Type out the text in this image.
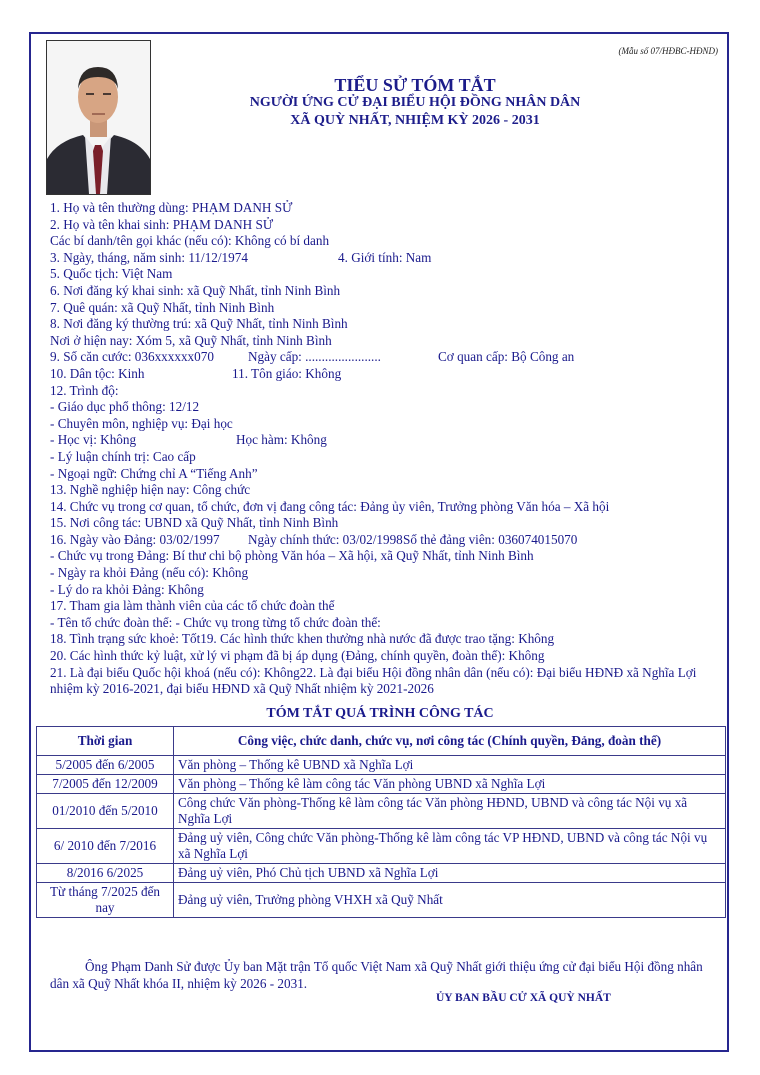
(Mẫu số 07/HĐBC-HĐND)
TIỂU SỬ TÓM TẮT
NGƯỜI ỨNG CỬ ĐẠI BIỂU HỘI ĐỒNG NHÂN DÂN
XÃ QUỲ NHẤT, NHIỆM KỲ 2026 - 2031
1. Họ và tên thường dùng: PHẠM DANH SỬ
2. Họ và tên khai sinh: PHẠM DANH SỬ
Các bí danh/tên gọi khác (nếu có): Không có bí danh
3. Ngày, tháng, năm sinh: 11/12/1974	4. Giới tính: Nam
5. Quốc tịch: Việt Nam
6. Nơi đăng ký khai sinh: xã Quỹ Nhất, tỉnh Ninh Bình
7. Quê quán: xã Quỹ Nhất, tỉnh Ninh Bình
8. Nơi đăng ký thường trú: xã Quỹ Nhất, tỉnh Ninh Bình
Nơi ở hiện nay: Xóm 5, xã Quỹ Nhất, tỉnh Ninh Bình
9. Số căn cước: 036xxxxxx070	Ngày cấp: .......................	Cơ quan cấp: Bộ Công an
10. Dân tộc: Kinh	11. Tôn giáo: Không
12. Trình độ:
- Giáo dục phổ thông: 12/12
- Chuyên môn, nghiệp vụ: Đại học
- Học vị: Không	Học hàm: Không
- Lý luận chính trị: Cao cấp
- Ngoại ngữ: Chứng chỉ A “Tiếng Anh”
13. Nghề nghiệp hiện nay: Công chức
14. Chức vụ trong cơ quan, tổ chức, đơn vị đang công tác: Đảng ủy viên, Trưởng phòng Văn hóa – Xã hội
15. Nơi công tác: UBND xã Quỹ Nhất, tỉnh Ninh Bình
16. Ngày vào Đảng: 03/02/1997 Ngày chính thức: 03/02/1998 Số thẻ đảng viên: 036074015070
- Chức vụ trong Đảng: Bí thư chi bộ phòng Văn hóa – Xã hội, xã Quỹ Nhất, tỉnh Ninh Bình
- Ngày ra khỏi Đảng (nếu có): Không
- Lý do ra khỏi Đảng: Không
17. Tham gia làm thành viên của các tổ chức đoàn thể
- Tên tổ chức đoàn thể: - Chức vụ trong từng tổ chức đoàn thể:
18. Tình trạng sức khoẻ: Tốt19. Các hình thức khen thưởng nhà nước đã được trao tặng: Không
20. Các hình thức kỷ luật, xử lý vi phạm đã bị áp dụng (Đảng, chính quyền, đoàn thể): Không
21. Là đại biểu Quốc hội khoá (nếu có): Không22. Là đại biểu Hội đồng nhân dân (nếu có): Đại biểu HĐNĐ xã Nghĩa Lợi nhiệm kỳ 2016-2021, đại biểu HĐND xã Quỹ Nhất nhiệm kỳ 2021-2026
TÓM TẮT QUÁ TRÌNH CÔNG TÁC
Thời gian	Công việc, chức danh, chức vụ, nơi công tác (Chính quyền, Đảng, đoàn thể)
5/2005 đến 6/2005	Văn phòng – Thống kê UBND xã Nghĩa Lợi
7/2005 đến 12/2009	Văn phòng – Thống kê làm công tác Văn phòng UBND xã Nghĩa Lợi
01/2010 đến 5/2010	Công chức Văn phòng-Thống kê làm công tác Văn phòng HĐND, UBND và công tác Nội vụ xã Nghĩa Lợi
6/ 2010 đến 7/2016	Đảng uỷ viên, Công chức Văn phòng-Thống kê làm công tác VP HĐND, UBND và công tác Nội vụ xã Nghĩa Lợi
8/2016 6/2025	Đảng uỷ viên, Phó Chủ tịch UBND xã Nghĩa Lợi
Từ tháng 7/2025 đến nay	Đảng uỷ viên, Trưởng phòng VHXH xã Quỹ Nhất
Ông Phạm Danh Sử được Ủy ban Mặt trận Tổ quốc Việt Nam xã Quỹ Nhất giới thiệu ứng cử đại biểu Hội đồng nhân dân xã Quỹ Nhất khóa II, nhiệm kỳ 2026 - 2031.
ỦY BAN BẦU CỬ XÃ QUỲ NHẤT
